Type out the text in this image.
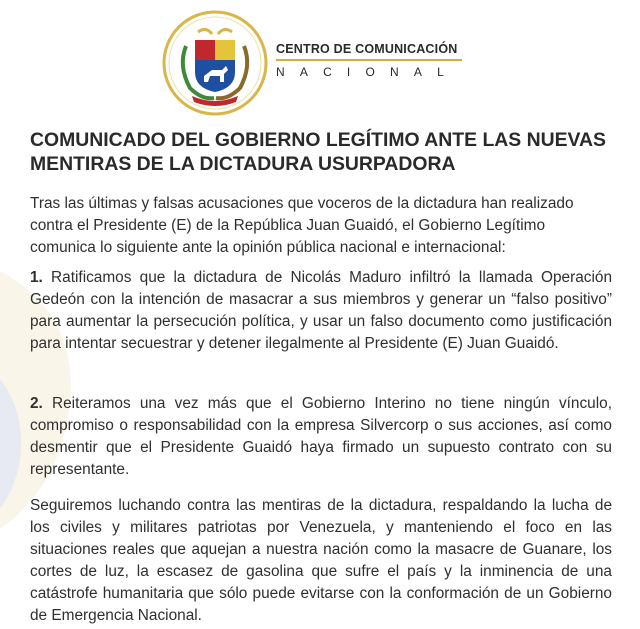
CENTRO DE COMUNICACIÓN
NACIONAL
COMUNICADO DEL GOBIERNO LEGÍTIMO ANTE LAS NUEVAS MENTIRAS DE LA DICTADURA USURPADORA

Tras las últimas y falsas acusaciones que voceros de la dictadura han realizado contra el Presidente (E) de la República Juan Guaidó, el Gobierno Legítimo comunica lo siguiente ante la opinión pública nacional e internacional:

1. Ratificamos que la dictadura de Nicolás Maduro infiltró la llamada Operación Gedeón con la intención de masacrar a sus miembros y generar un “falso positivo” para aumentar la persecución política, y usar un falso documento como justificación para intentar secuestrar y detener ilegalmente al Presidente (E) Juan Guaidó.

2. Reiteramos una vez más que el Gobierno Interino no tiene ningún vínculo, compromiso o responsabilidad con la empresa Silvercorp o sus acciones, así como desmentir que el Presidente Guaidó haya firmado un supuesto contrato con su representante.

Seguiremos luchando contra las mentiras de la dictadura, respaldando la lucha de los civiles y militares patriotas por Venezuela, y manteniendo el foco en las situaciones reales que aquejan a nuestra nación como la masacre de Guanare, los cortes de luz, la escasez de gasolina que sufre el país y la inminencia de una catástrofe humanitaria que sólo puede evitarse con la conformación de un Gobierno de Emergencia Nacional.
